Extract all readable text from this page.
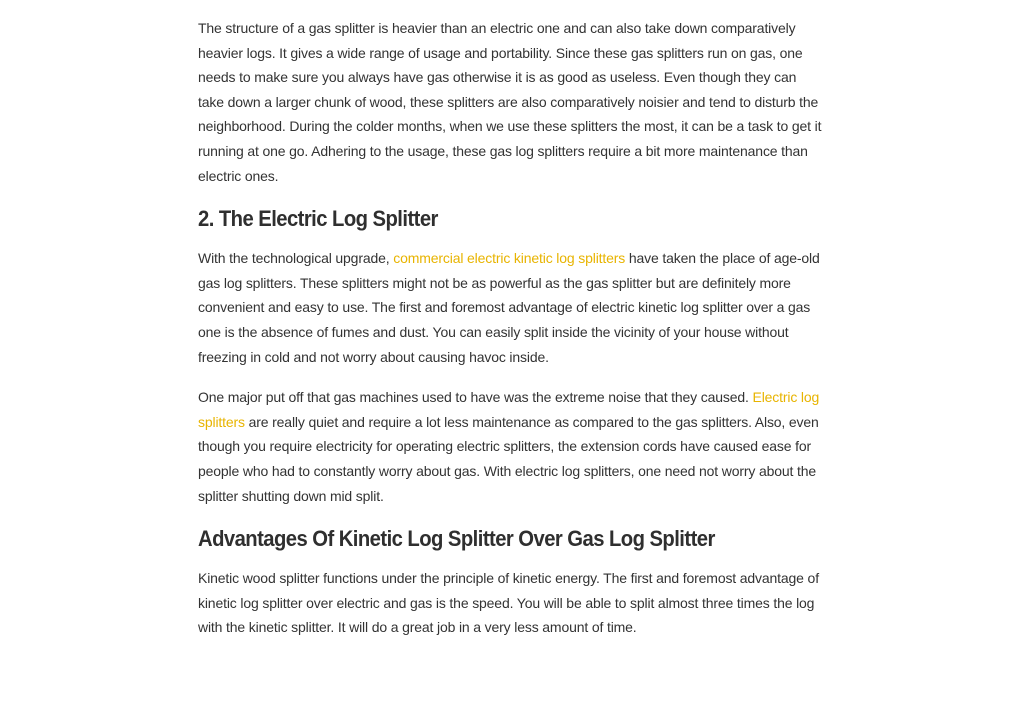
The structure of a gas splitter is heavier than an electric one and can also take down comparatively heavier logs. It gives a wide range of usage and portability. Since these gas splitters run on gas, one needs to make sure you always have gas otherwise it is as good as useless. Even though they can take down a larger chunk of wood, these splitters are also comparatively noisier and tend to disturb the neighborhood. During the colder months, when we use these splitters the most, it can be a task to get it running at one go. Adhering to the usage, these gas log splitters require a bit more maintenance than electric ones.

2. The Electric Log Splitter

With the technological upgrade, commercial electric kinetic log splitters have taken the place of age-old gas log splitters. These splitters might not be as powerful as the gas splitter but are definitely more convenient and easy to use. The first and foremost advantage of electric kinetic log splitter over a gas one is the absence of fumes and dust. You can easily split inside the vicinity of your house without freezing in cold and not worry about causing havoc inside.

One major put off that gas machines used to have was the extreme noise that they caused. Electric log splitters are really quiet and require a lot less maintenance as compared to the gas splitters. Also, even though you require electricity for operating electric splitters, the extension cords have caused ease for people who had to constantly worry about gas. With electric log splitters, one need not worry about the splitter shutting down mid split.

Advantages Of Kinetic Log Splitter Over Gas Log Splitter

Kinetic wood splitter functions under the principle of kinetic energy. The first and foremost advantage of kinetic log splitter over electric and gas is the speed. You will be able to split almost three times the log with the kinetic splitter. It will do a great job in a very less amount of time.
